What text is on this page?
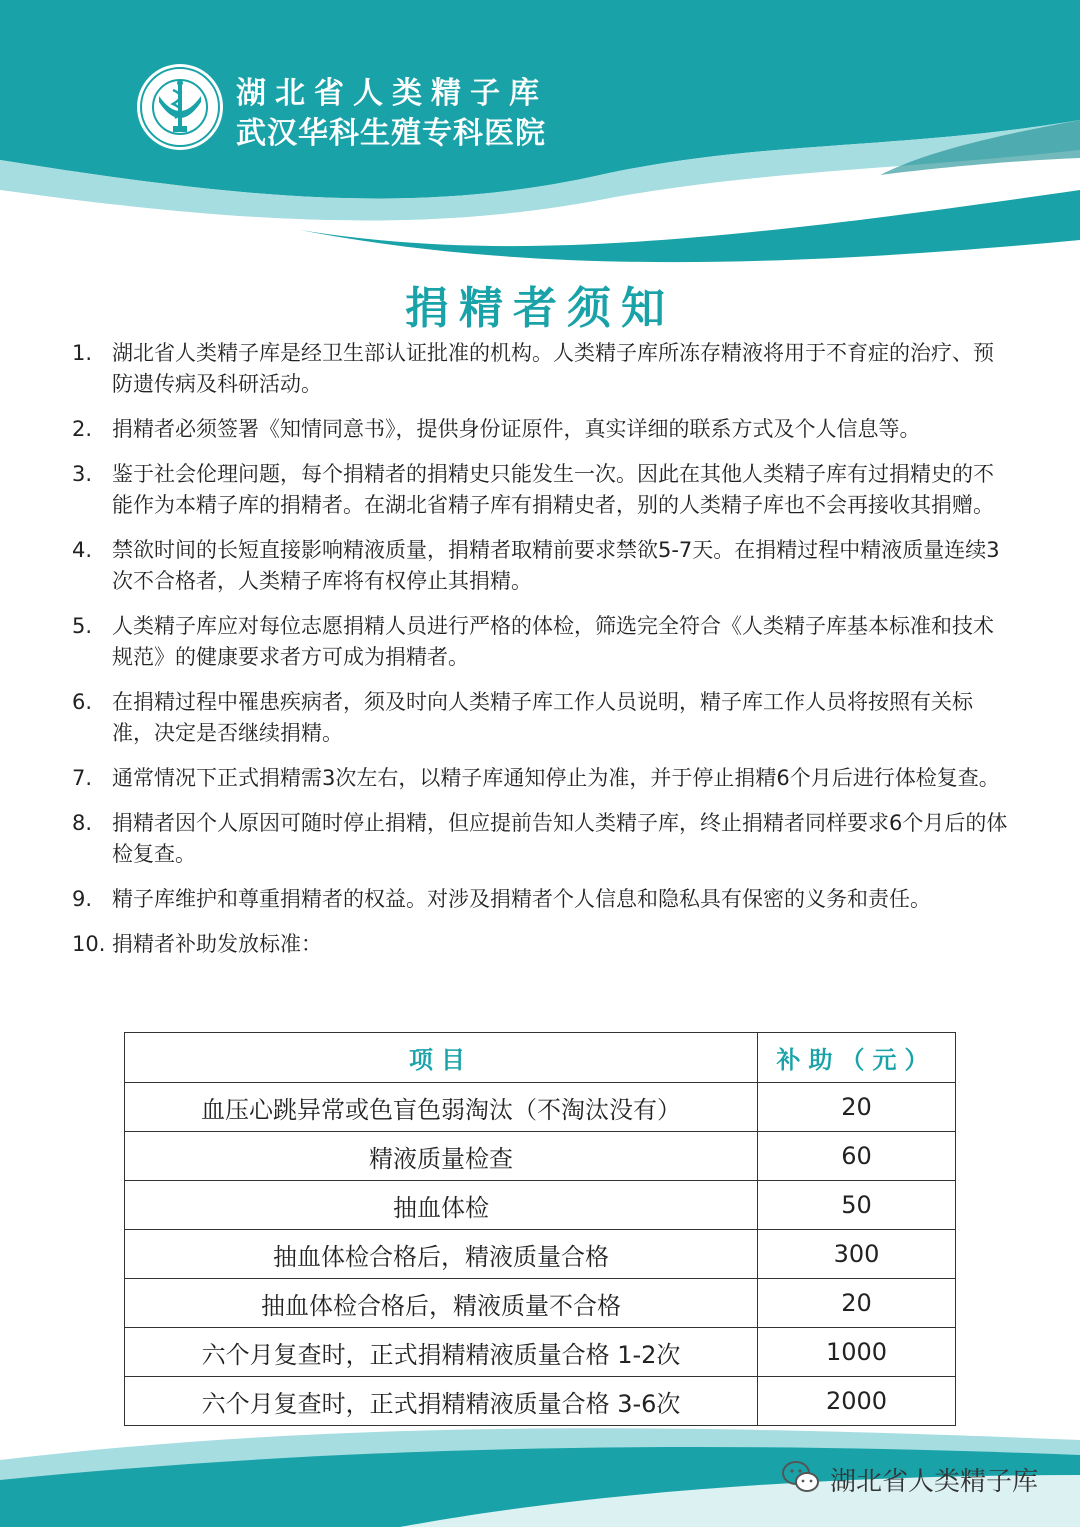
湖北省人类精子库
武汉华科生殖专科医院
捐精者须知
1. 湖北省人类精子库是经卫生部认证批准的机构。人类精子库所冻存精液将用于不育症的治疗、预防遗传病及科研活动。
2. 捐精者必须签署《知情同意书》，提供身份证原件，真实详细的联系方式及个人信息等。
3. 鉴于社会伦理问题，每个捐精者的捐精史只能发生一次。因此在其他人类精子库有过捐精史的不能作为本精子库的捐精者。在湖北省精子库有捐精史者，别的人类精子库也不会再接收其捐赠。
4. 禁欲时间的长短直接影响精液质量，捐精者取精前要求禁欲5-7天。在捐精过程中精液质量连续3次不合格者，人类精子库将有权停止其捐精。
5. 人类精子库应对每位志愿捐精人员进行严格的体检，筛选完全符合《人类精子库基本标准和技术规范》的健康要求者方可成为捐精者。
6. 在捐精过程中罹患疾病者，须及时向人类精子库工作人员说明，精子库工作人员将按照有关标准，决定是否继续捐精。
7. 通常情况下正式捐精需3次左右，以精子库通知停止为准，并于停止捐精6个月后进行体检复查。
8. 捐精者因个人原因可随时停止捐精，但应提前告知人类精子库，终止捐精者同样要求6个月后的体检复查。
9. 精子库维护和尊重捐精者的权益。对涉及捐精者个人信息和隐私具有保密的义务和责任。
10. 捐精者补助发放标准：
项目	补助（元）
血压心跳异常或色盲色弱淘汰（不淘汰没有）	20
精液质量检查	60
抽血体检	50
抽血体检合格后，精液质量合格	300
抽血体检合格后，精液质量不合格	20
六个月复查时，正式捐精精液质量合格 1-2次	1000
六个月复查时，正式捐精精液质量合格 3-6次	2000
湖北省人类精子库
